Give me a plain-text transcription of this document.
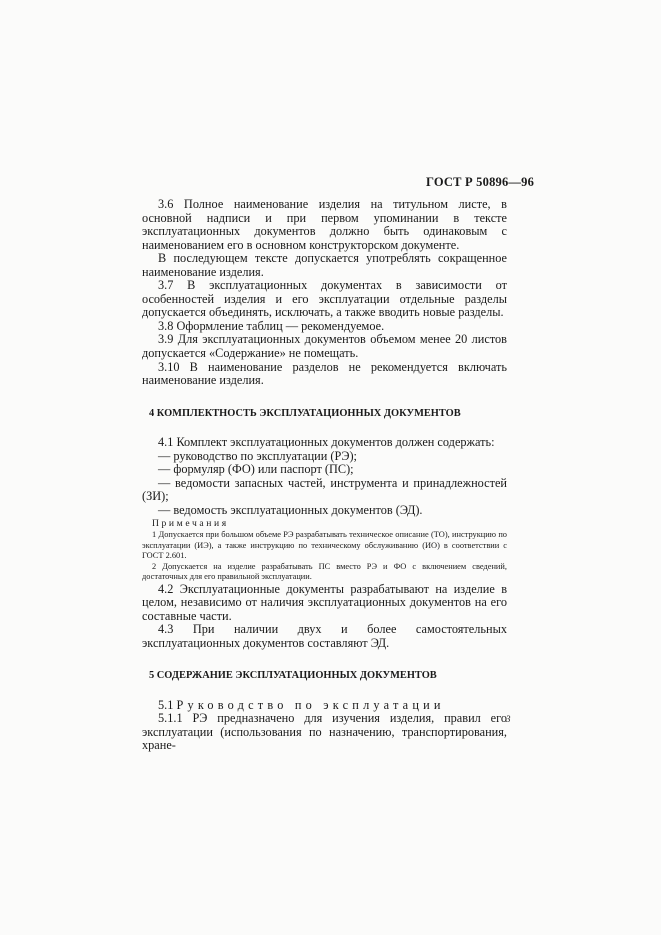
ГОСТ Р 50896—96

3.6 Полное наименование изделия на титульном листе, в основной надписи и при первом упоминании в тексте эксплуатационных документов должно быть одинаковым с наименованием его в основном конструкторском документе.

В последующем тексте допускается употреблять сокращенное наименование изделия.

3.7 В эксплуатационных документах в зависимости от особенностей изделия и его эксплуатации отдельные разделы допускается объединять, исключать, а также вводить новые разделы.

3.8 Оформление таблиц — рекомендуемое.

3.9 Для эксплуатационных документов объемом менее 20 листов допускается «Содержание» не помещать.

3.10 В наименование разделов не рекомендуется включать наименование изделия.

4 КОМПЛЕКТНОСТЬ ЭКСПЛУАТАЦИОННЫХ ДОКУМЕНТОВ

4.1 Комплект эксплуатационных документов должен содержать:

— руководство по эксплуатации (РЭ);

— формуляр (ФО) или паспорт (ПС);

— ведомости запасных частей, инструмента и принадлежностей (ЗИ);

— ведомость эксплуатационных документов (ЭД).

Примечания

1 Допускается при большом объеме РЭ разрабатывать техническое описание (ТО), инструкцию по эксплуатации (ИЭ), а также инструкцию по техническому обслуживанию (ИО) в соответствии с ГОСТ 2.601.

2 Допускается на изделие разрабатывать ПС вместо РЭ и ФО с включением сведений, достаточных для его правильной эксплуатации.

4.2 Эксплуатационные документы разрабатывают на изделие в целом, независимо от наличия эксплуатационных документов на его составные части.

4.3 При наличии двух и более самостоятельных эксплуатационных документов составляют ЭД.

5 СОДЕРЖАНИЕ ЭКСПЛУАТАЦИОННЫХ ДОКУМЕНТОВ

5.1 Руководство по эксплуатации

5.1.1 РЭ предназначено для изучения изделия, правил его эксплуатации (использования по назначению, транспортирования, хране-

3
